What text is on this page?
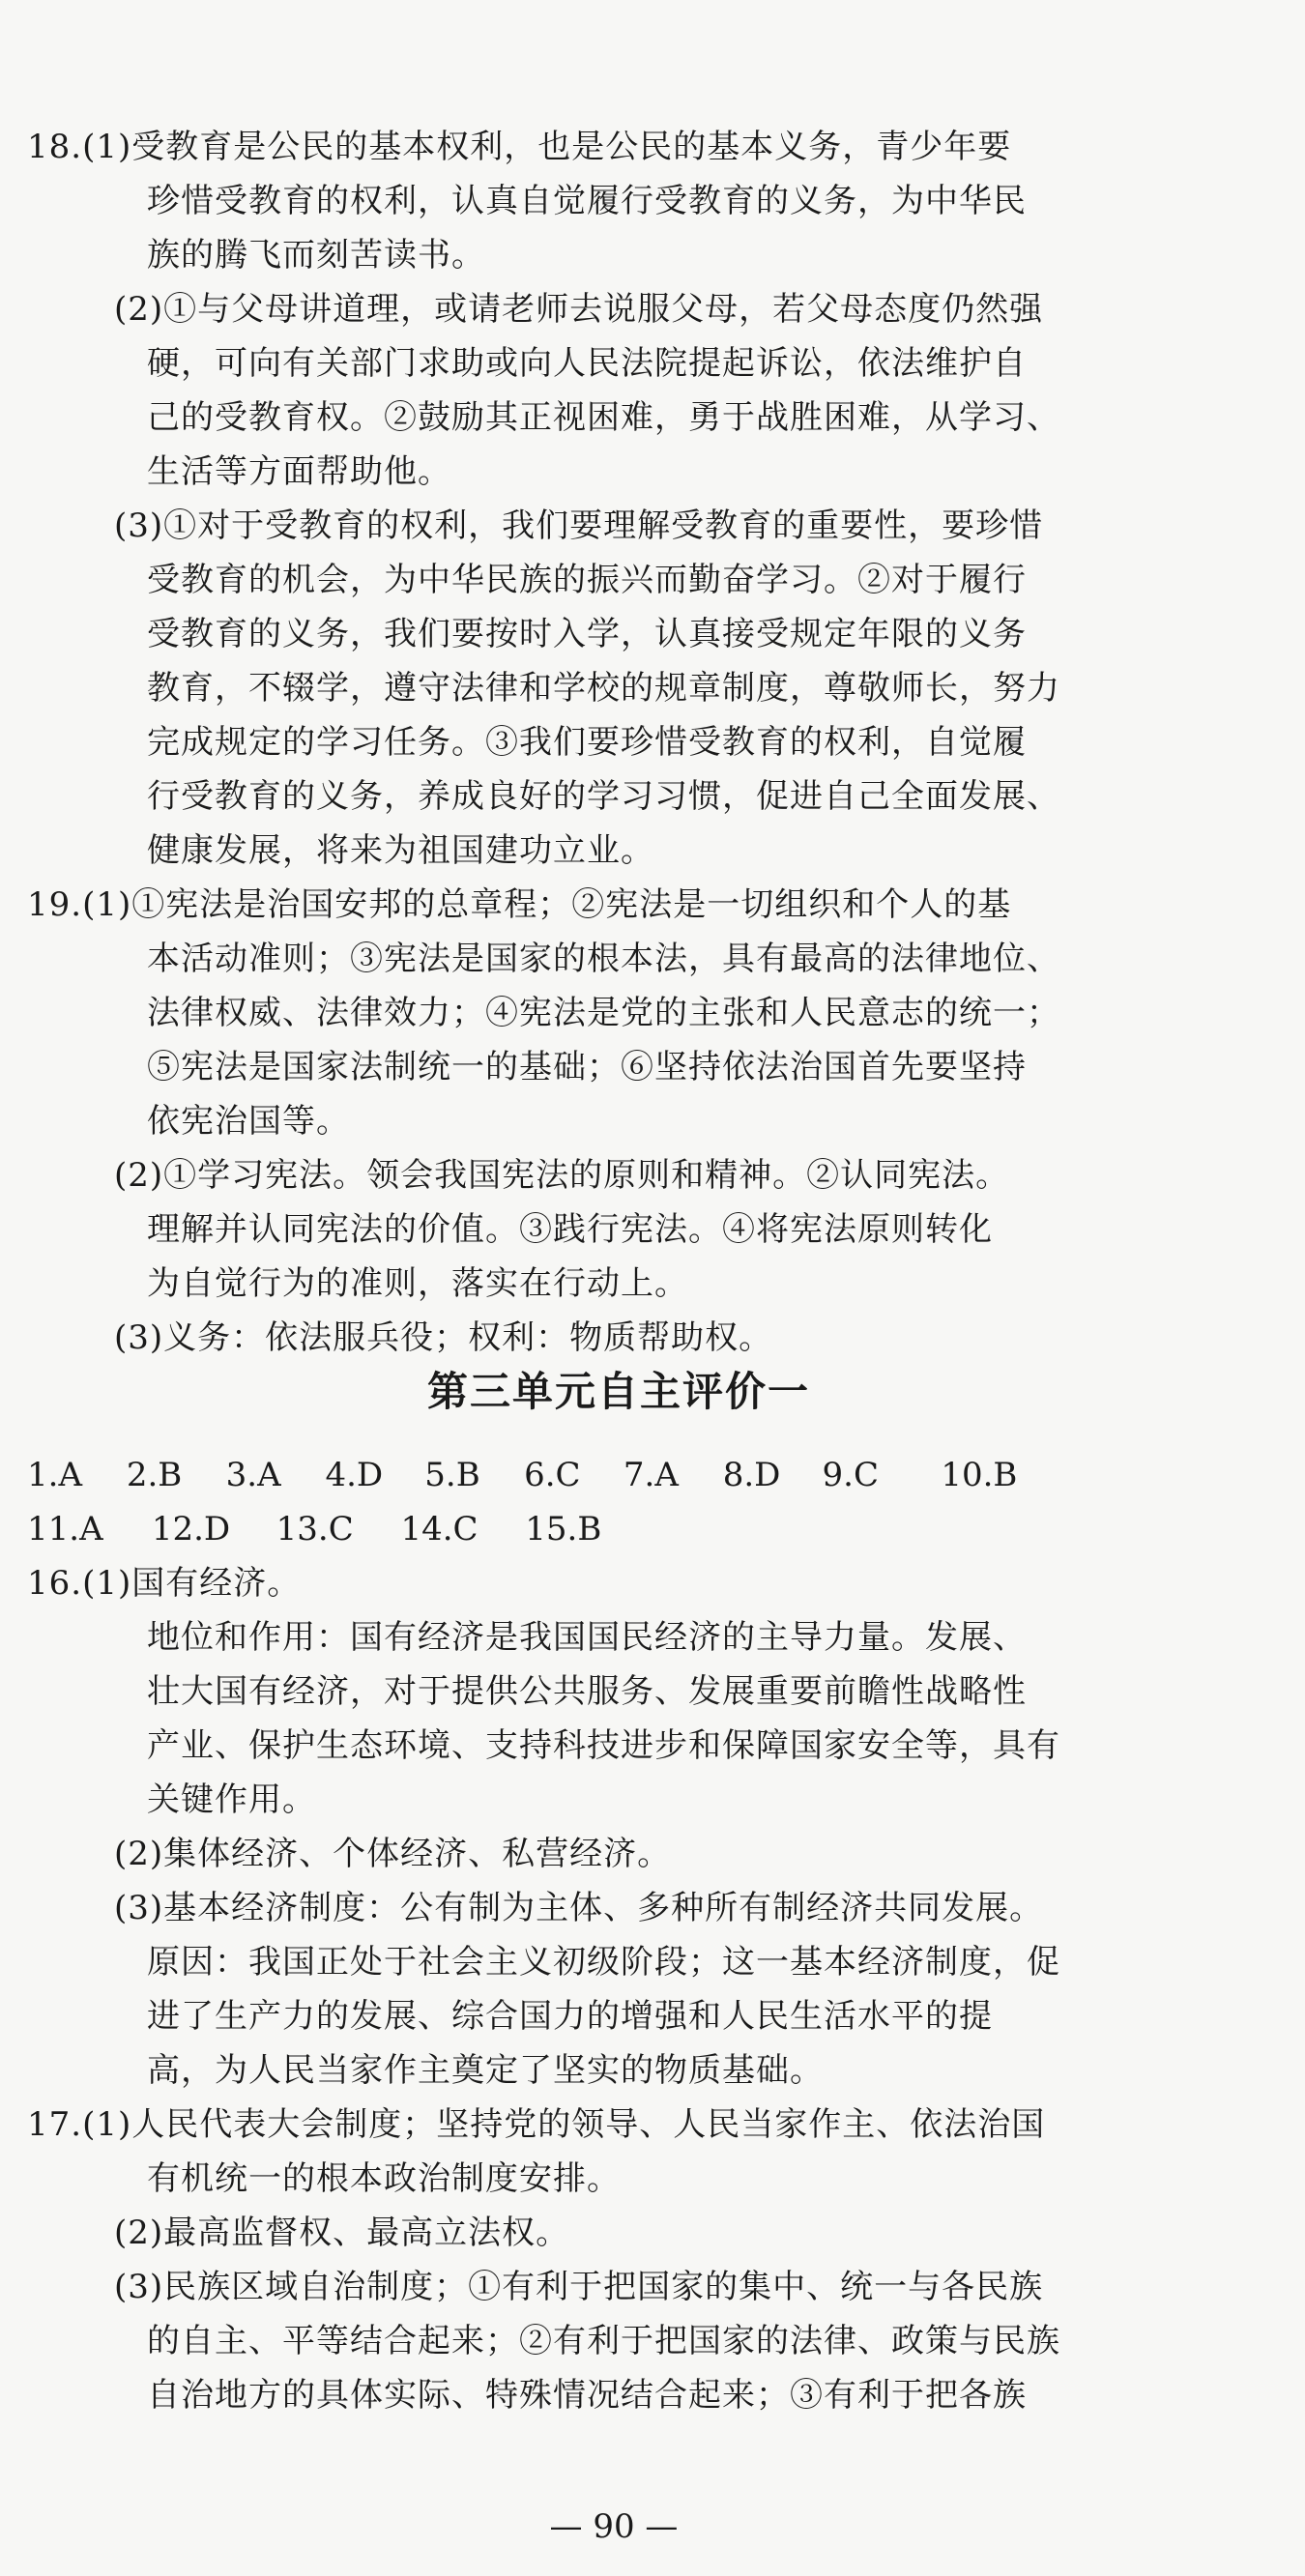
18.(1)受教育是公民的基本权利，也是公民的基本义务，青少年要

珍惜受教育的权利，认真自觉履行受教育的义务，为中华民

族的腾飞而刻苦读书。

(2)①与父母讲道理，或请老师去说服父母，若父母态度仍然强

硬，可向有关部门求助或向人民法院提起诉讼，依法维护自

己的受教育权。②鼓励其正视困难，勇于战胜困难，从学习、

生活等方面帮助他。

(3)①对于受教育的权利，我们要理解受教育的重要性，要珍惜

受教育的机会，为中华民族的振兴而勤奋学习。②对于履行

受教育的义务，我们要按时入学，认真接受规定年限的义务

教育，不辍学，遵守法律和学校的规章制度，尊敬师长，努力

完成规定的学习任务。③我们要珍惜受教育的权利，自觉履

行受教育的义务，养成良好的学习习惯，促进自己全面发展、

健康发展，将来为祖国建功立业。

19.(1)①宪法是治国安邦的总章程；②宪法是一切组织和个人的基

本活动准则；③宪法是国家的根本法，具有最高的法律地位、

法律权威、法律效力；④宪法是党的主张和人民意志的统一；

⑤宪法是国家法制统一的基础；⑥坚持依法治国首先要坚持

依宪治国等。

(2)①学习宪法。领会我国宪法的原则和精神。②认同宪法。

理解并认同宪法的价值。③践行宪法。④将宪法原则转化

为自觉行为的准则，落实在行动上。

(3)义务：依法服兵役；权利：物质帮助权。

第三单元自主评价一
1.A 2.B 3.A 4.D 5.B 6.C 7.A 8.D 9.C 10.B
11.A 12.D 13.C 14.C 15.B

16.(1)国有经济。

地位和作用：国有经济是我国国民经济的主导力量。发展、

壮大国有经济，对于提供公共服务、发展重要前瞻性战略性

产业、保护生态环境、支持科技进步和保障国家安全等，具有

关键作用。

(2)集体经济、个体经济、私营经济。

(3)基本经济制度：公有制为主体、多种所有制经济共同发展。

原因：我国正处于社会主义初级阶段；这一基本经济制度，促

进了生产力的发展、综合国力的增强和人民生活水平的提

高，为人民当家作主奠定了坚实的物质基础。

17.(1)人民代表大会制度；坚持党的领导、人民当家作主、依法治国

有机统一的根本政治制度安排。

(2)最高监督权、最高立法权。

(3)民族区域自治制度；①有利于把国家的集中、统一与各民族

的自主、平等结合起来；②有利于把国家的法律、政策与民族

自治地方的具体实际、特殊情况结合起来；③有利于把各族

— 90 —
